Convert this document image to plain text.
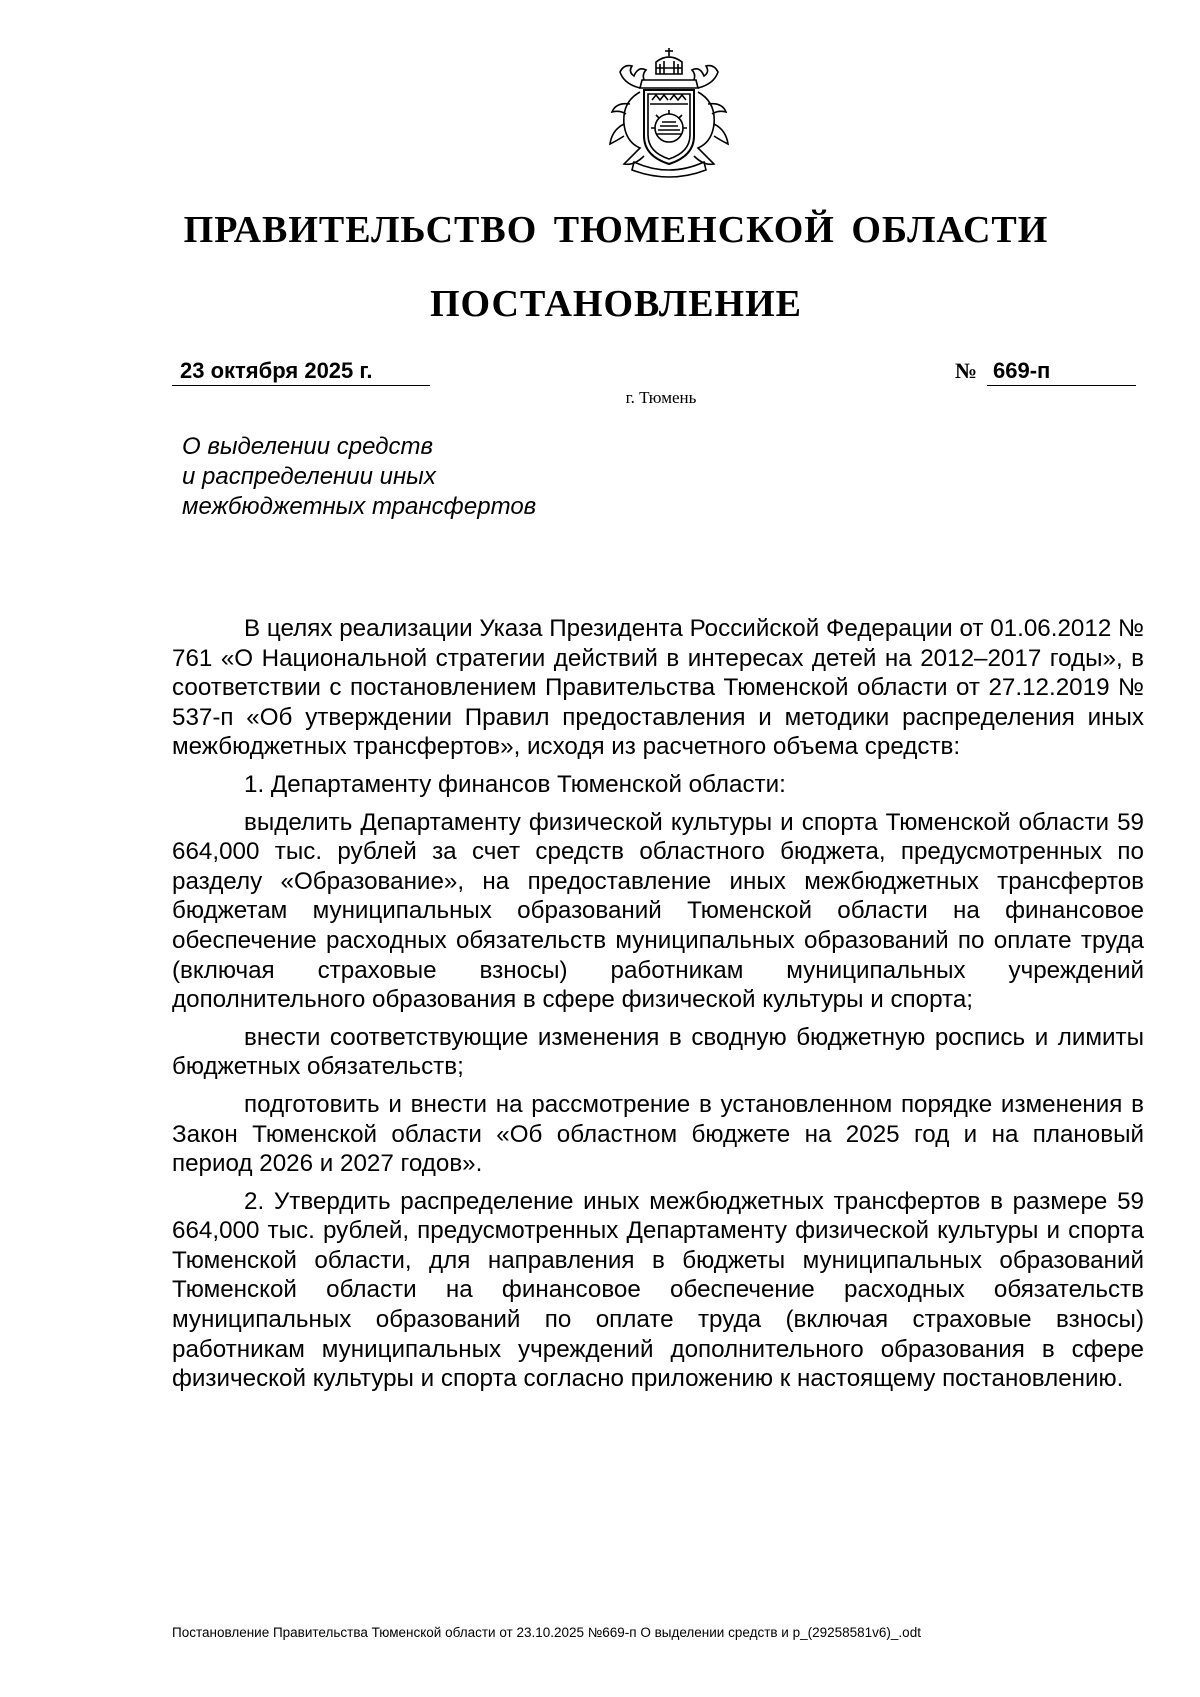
ПРАВИТЕЛЬСТВО ТЮМЕНСКОЙ ОБЛАСТИ
ПОСТАНОВЛЕНИЕ
23 октября 2025 г.	№ 669-п
г. Тюмень
О выделении средств
и распределении иных
межбюджетных трансфертов

В целях реализации Указа Президента Российской Федерации от 01.06.2012 № 761 «О Национальной стратегии действий в интересах детей на 2012–2017 годы», в соответствии с постановлением Правительства Тюменской области от 27.12.2019 № 537-п «Об утверждении Правил предоставления и методики распределения иных межбюджетных трансфертов», исходя из расчетного объема средств:

1. Департаменту финансов Тюменской области:

выделить Департаменту физической культуры и спорта Тюменской области 59 664,000 тыс. рублей за счет средств областного бюджета, предусмотренных по разделу «Образование», на предоставление иных межбюджетных трансфертов бюджетам муниципальных образований Тюменской области на финансовое обеспечение расходных обязательств муниципальных образований по оплате труда (включая страховые взносы) работникам муниципальных учреждений дополнительного образования в сфере физической культуры и спорта;

внести соответствующие изменения в сводную бюджетную роспись и лимиты бюджетных обязательств;

подготовить и внести на рассмотрение в установленном порядке изменения в Закон Тюменской области «Об областном бюджете на 2025 год и на плановый период 2026 и 2027 годов».

2. Утвердить распределение иных межбюджетных трансфертов в размере 59 664,000 тыс. рублей, предусмотренных Департаменту физической культуры и спорта Тюменской области, для направления в бюджеты муниципальных образований Тюменской области на финансовое обеспечение расходных обязательств муниципальных образований по оплате труда (включая страховые взносы) работникам муниципальных учреждений дополнительного образования в сфере физической культуры и спорта согласно приложению к настоящему постановлению.

Постановление Правительства Тюменской области от 23.10.2025 №669-п О выделении средств и р_(29258581v6)_.odt
